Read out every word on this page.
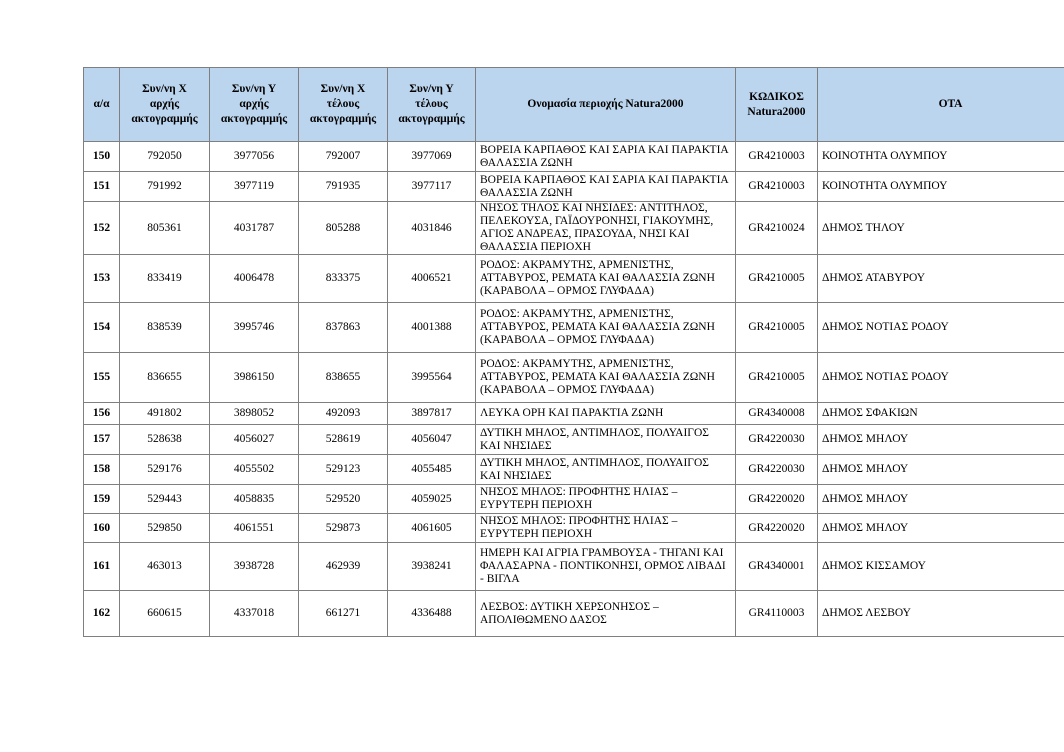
α/α	Συν/νη Χ
αρχής
ακτογραμμής	Συν/νη Υ
αρχής
ακτογραμμής	Συν/νη Χ
τέλους
ακτογραμμής	Συν/νη Υ
τέλους
ακτογραμμής	Ονομασία περιοχής Natura2000	ΚΩΔΙΚΟΣ
Natura2000	ΟΤΑ
150	792050	3977056	792007	3977069	ΒΟΡΕΙΑ ΚΑΡΠΑΘΟΣ ΚΑΙ ΣΑΡΙΑ ΚΑΙ ΠΑΡΑΚΤΙΑ ΘΑΛΑΣΣΙΑ ΖΩΝΗ	GR4210003	ΚΟΙΝΟΤΗΤΑ ΟΛΥΜΠΟΥ
151	791992	3977119	791935	3977117	ΒΟΡΕΙΑ ΚΑΡΠΑΘΟΣ ΚΑΙ ΣΑΡΙΑ ΚΑΙ ΠΑΡΑΚΤΙΑ ΘΑΛΑΣΣΙΑ ΖΩΝΗ	GR4210003	ΚΟΙΝΟΤΗΤΑ ΟΛΥΜΠΟΥ
152	805361	4031787	805288	4031846	ΝΗΣΟΣ ΤΗΛΟΣ ΚΑΙ ΝΗΣΙΔΕΣ: ΑΝΤΙΤΗΛΟΣ, ΠΕΛΕΚΟΥΣΑ, ΓΑΪΔΟΥΡΟΝΗΣΙ, ΓΙΑΚΟΥΜΗΣ, ΑΓΙΟΣ ΑΝΔΡΕΑΣ, ΠΡΑΣΟΥΔΑ, ΝΗΣΙ ΚΑΙ ΘΑΛΑΣΣΙΑ ΠΕΡΙΟΧΗ	GR4210024	ΔΗΜΟΣ ΤΗΛΟΥ
153	833419	4006478	833375	4006521	ΡΟΔΟΣ: ΑΚΡΑΜΥΤΗΣ, ΑΡΜΕΝΙΣΤΗΣ, ΑΤΤΑΒΥΡΟΣ, ΡΕΜΑΤΑ ΚΑΙ ΘΑΛΑΣΣΙΑ ΖΩΝΗ (ΚΑΡΑΒΟΛΑ – ΟΡΜΟΣ ΓΛΥΦΑΔΑ)	GR4210005	ΔΗΜΟΣ ΑΤΑΒΥΡΟΥ
154	838539	3995746	837863	4001388	ΡΟΔΟΣ: ΑΚΡΑΜΥΤΗΣ, ΑΡΜΕΝΙΣΤΗΣ, ΑΤΤΑΒΥΡΟΣ, ΡΕΜΑΤΑ ΚΑΙ ΘΑΛΑΣΣΙΑ ΖΩΝΗ (ΚΑΡΑΒΟΛΑ – ΟΡΜΟΣ ΓΛΥΦΑΔΑ)	GR4210005	ΔΗΜΟΣ ΝΟΤΙΑΣ ΡΟΔΟΥ
155	836655	3986150	838655	3995564	ΡΟΔΟΣ: ΑΚΡΑΜΥΤΗΣ, ΑΡΜΕΝΙΣΤΗΣ, ΑΤΤΑΒΥΡΟΣ, ΡΕΜΑΤΑ ΚΑΙ ΘΑΛΑΣΣΙΑ ΖΩΝΗ (ΚΑΡΑΒΟΛΑ – ΟΡΜΟΣ ΓΛΥΦΑΔΑ)	GR4210005	ΔΗΜΟΣ ΝΟΤΙΑΣ ΡΟΔΟΥ
156	491802	3898052	492093	3897817	ΛΕΥΚΑ ΟΡΗ ΚΑΙ ΠΑΡΑΚΤΙΑ ΖΩΝΗ	GR4340008	ΔΗΜΟΣ ΣΦΑΚΙΩΝ
157	528638	4056027	528619	4056047	ΔΥΤΙΚΗ ΜΗΛΟΣ, ΑΝΤΙΜΗΛΟΣ, ΠΟΛΥΑΙΓΟΣ ΚΑΙ ΝΗΣΙΔΕΣ	GR4220030	ΔΗΜΟΣ ΜΗΛΟΥ
158	529176	4055502	529123	4055485	ΔΥΤΙΚΗ ΜΗΛΟΣ, ΑΝΤΙΜΗΛΟΣ, ΠΟΛΥΑΙΓΟΣ ΚΑΙ ΝΗΣΙΔΕΣ	GR4220030	ΔΗΜΟΣ ΜΗΛΟΥ
159	529443	4058835	529520	4059025	ΝΗΣΟΣ ΜΗΛΟΣ: ΠΡΟΦΗΤΗΣ ΗΛΙΑΣ – ΕΥΡΥΤΕΡΗ ΠΕΡΙΟΧΗ	GR4220020	ΔΗΜΟΣ ΜΗΛΟΥ
160	529850	4061551	529873	4061605	ΝΗΣΟΣ ΜΗΛΟΣ: ΠΡΟΦΗΤΗΣ ΗΛΙΑΣ – ΕΥΡΥΤΕΡΗ ΠΕΡΙΟΧΗ	GR4220020	ΔΗΜΟΣ ΜΗΛΟΥ
161	463013	3938728	462939	3938241	ΗΜΕΡΗ ΚΑΙ ΑΓΡΙΑ ΓΡΑΜΒΟΥΣΑ - ΤΗΓΑΝΙ ΚΑΙ ΦΑΛΑΣΑΡΝΑ - ΠΟΝΤΙΚΟΝΗΣΙ, ΟΡΜΟΣ ΛΙΒΑΔΙ - ΒΙΓΛΑ	GR4340001	ΔΗΜΟΣ ΚΙΣΣΑΜΟΥ
162	660615	4337018	661271	4336488	ΛΕΣΒΟΣ: ΔΥΤΙΚΗ ΧΕΡΣΟΝΗΣΟΣ – ΑΠΟΛΙΘΩΜΕΝΟ ΔΑΣΟΣ	GR4110003	ΔΗΜΟΣ ΛΕΣΒΟΥ
